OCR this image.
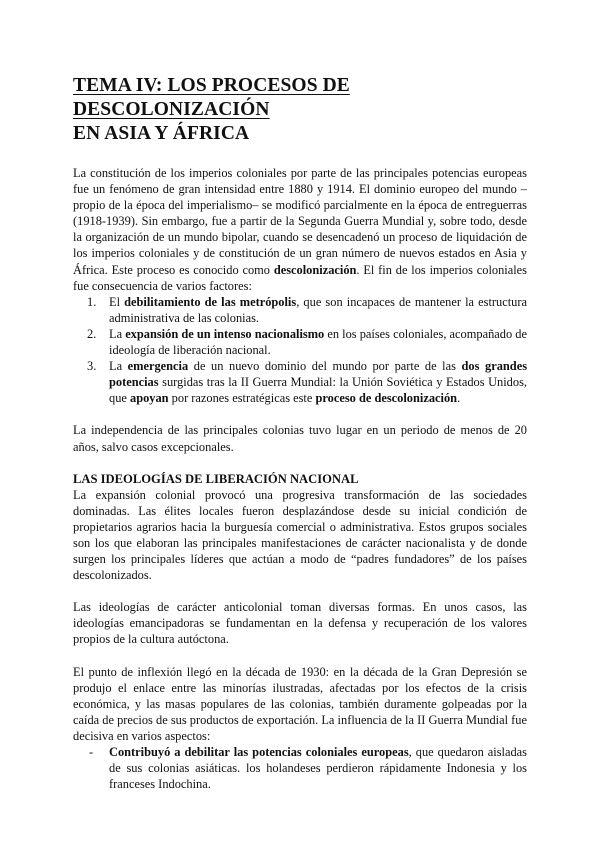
TEMA IV: LOS PROCESOS DE DESCOLONIZACIÓN
EN ASIA Y ÁFRICA

La constitución de los imperios coloniales por parte de las principales potencias europeas fue un fenómeno de gran intensidad entre 1880 y 1914. El dominio europeo del mundo –propio de la época del imperialismo– se modificó parcialmente en la época de entreguerras (1918-1939). Sin embargo, fue a partir de la Segunda Guerra Mundial y, sobre todo, desde la organización de un mundo bipolar, cuando se desencadenó un proceso de liquidación de los imperios coloniales y de constitución de un gran número de nuevos estados en Asia y África. Este proceso es conocido como descolonización. El fin de los imperios coloniales fue consecuencia de varios factores:

1. El debilitamiento de las metrópolis, que son incapaces de mantener la estructura administrativa de las colonias.
2. La expansión de un intenso nacionalismo en los países coloniales, acompañado de ideología de liberación nacional.
3. La emergencia de un nuevo dominio del mundo por parte de las dos grandes potencias surgidas tras la II Guerra Mundial: la Unión Soviética y Estados Unidos, que apoyan por razones estratégicas este proceso de descolonización.

La independencia de las principales colonias tuvo lugar en un periodo de menos de 20 años, salvo casos excepcionales.

LAS IDEOLOGÍAS DE LIBERACIÓN NACIONAL

La expansión colonial provocó una progresiva transformación de las sociedades dominadas. Las élites locales fueron desplazándose desde su inicial condición de propietarios agrarios hacia la burguesía comercial o administrativa. Estos grupos sociales son los que elaboran las principales manifestaciones de carácter nacionalista y de donde surgen los principales líderes que actúan a modo de “padres fundadores” de los países descolonizados.

Las ideologías de carácter anticolonial toman diversas formas. En unos casos, las ideologías emancipadoras se fundamentan en la defensa y recuperación de los valores propios de la cultura autóctona.

El punto de inflexión llegó en la década de 1930: en la década de la Gran Depresión se produjo el enlace entre las minorías ilustradas, afectadas por los efectos de la crisis económica, y las masas populares de las colonias, también duramente golpeadas por la caída de precios de sus productos de exportación. La influencia de la II Guerra Mundial fue decisiva en varios aspectos:

- Contribuyó a debilitar las potencias coloniales europeas, que quedaron aisladas de sus colonias asiáticas. los holandeses perdieron rápidamente Indonesia y los franceses Indochina.
